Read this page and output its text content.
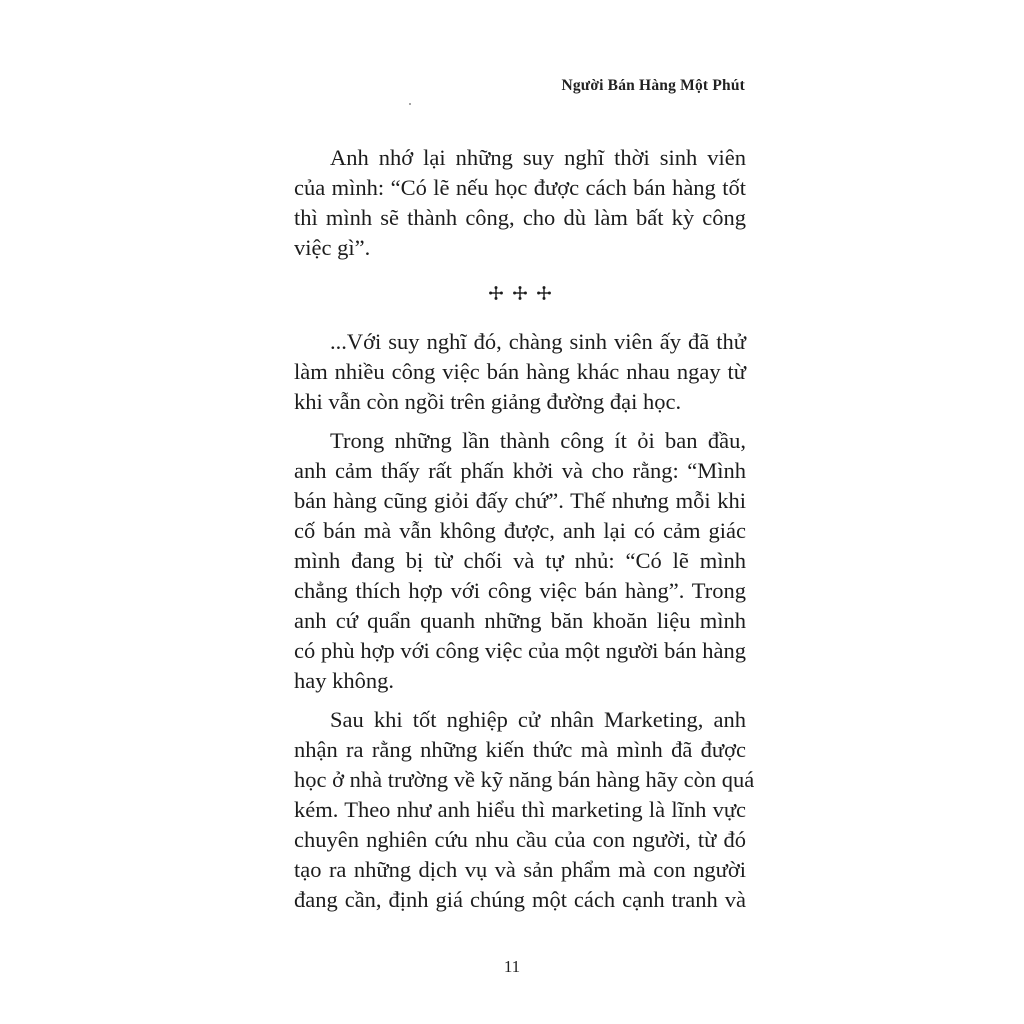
Người Bán Hàng Một Phút
Anh nhớ lại những suy nghĩ thời sinh viên
của mình: “Có lẽ nếu học được cách bán hàng tốt
thì mình sẽ thành công, cho dù làm bất kỳ công
việc gì”.
...Với suy nghĩ đó, chàng sinh viên ấy đã thử
làm nhiều công việc bán hàng khác nhau ngay từ
khi vẫn còn ngồi trên giảng đường đại học.
Trong những lần thành công ít ỏi ban đầu,
anh cảm thấy rất phấn khởi và cho rằng: “Mình
bán hàng cũng giỏi đấy chứ”. Thế nhưng mỗi khi
cố bán mà vẫn không được, anh lại có cảm giác
mình đang bị từ chối và tự nhủ: “Có lẽ mình
chẳng thích hợp với công việc bán hàng”. Trong
anh cứ quẩn quanh những băn khoăn liệu mình
có phù hợp với công việc của một người bán hàng
hay không.
Sau khi tốt nghiệp cử nhân Marketing, anh
nhận ra rằng những kiến thức mà mình đã được
học ở nhà trường về kỹ năng bán hàng hãy còn quá
kém. Theo như anh hiểu thì marketing là lĩnh vực
chuyên nghiên cứu nhu cầu của con người, từ đó
tạo ra những dịch vụ và sản phẩm mà con người
đang cần, định giá chúng một cách cạnh tranh và
11
